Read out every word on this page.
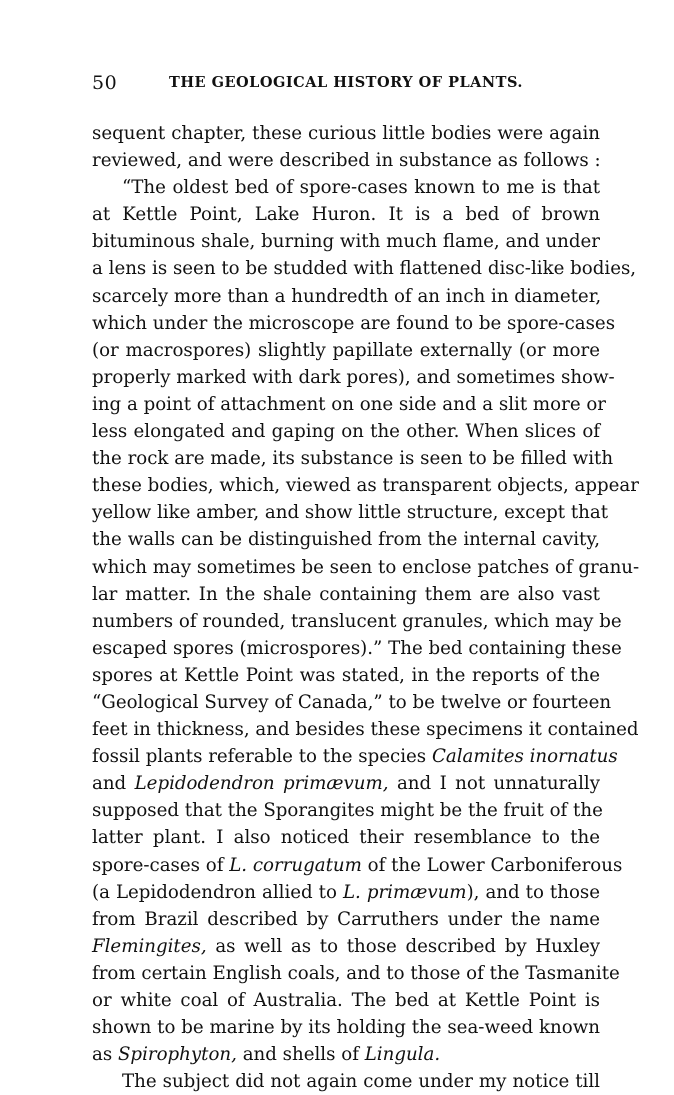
50	THE GEOLOGICAL HISTORY OF PLANTS.
sequent chapter, these curious little bodies were again
reviewed, and were described in substance as follows :
“The oldest bed of spore-cases known to me is that
at Kettle Point, Lake Huron. It is a bed of brown
bituminous shale, burning with much flame, and under
a lens is seen to be studded with flattened disc-like bodies,
scarcely more than a hundredth of an inch in diameter,
which under the microscope are found to be spore-cases
(or macrospores) slightly papillate externally (or more
properly marked with dark pores), and sometimes show-
ing a point of attachment on one side and a slit more or
less elongated and gaping on the other. When slices of
the rock are made, its substance is seen to be filled with
these bodies, which, viewed as transparent objects, appear
yellow like amber, and show little structure, except that
the walls can be distinguished from the internal cavity,
which may sometimes be seen to enclose patches of granu-
lar matter. In the shale containing them are also vast
numbers of rounded, translucent granules, which may be
escaped spores (microspores).” The bed containing these
spores at Kettle Point was stated, in the reports of the
“Geological Survey of Canada,” to be twelve or fourteen
feet in thickness, and besides these specimens it contained
fossil plants referable to the species Calamites inornatus
and Lepidodendron primævum, and I not unnaturally
supposed that the Sporangites might be the fruit of the
latter plant. I also noticed their resemblance to the
spore-cases of L. corrugatum of the Lower Carboniferous
(a Lepidodendron allied to L. primævum), and to those
from Brazil described by Carruthers under the name
Flemingites, as well as to those described by Huxley
from certain English coals, and to those of the Tasmanite
or white coal of Australia. The bed at Kettle Point is
shown to be marine by its holding the sea-weed known
as Spirophyton, and shells of Lingula.
The subject did not again come under my notice till
